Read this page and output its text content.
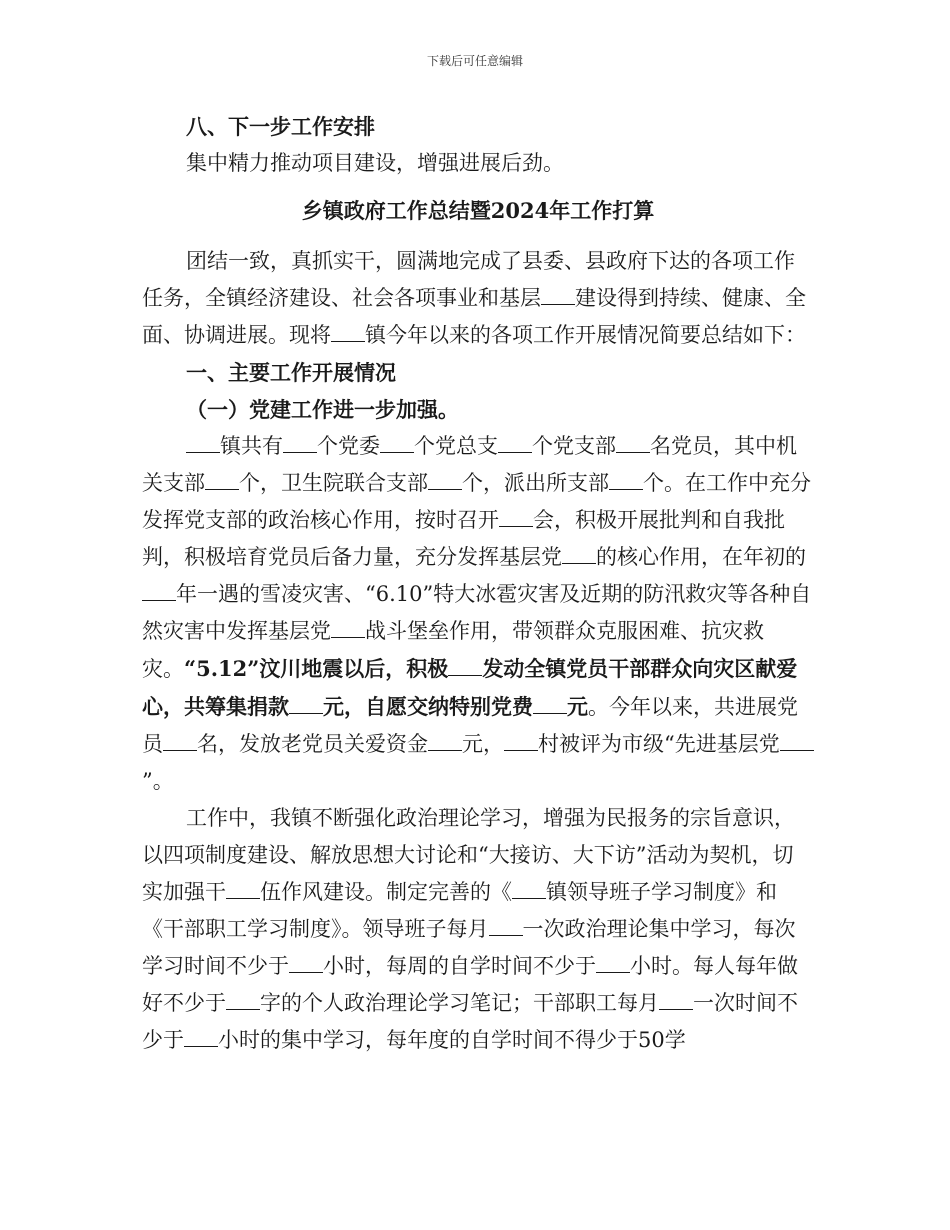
下载后可任意编辑

八、下一步工作安排

集中精力推动项目建设，增强进展后劲。

乡镇政府工作总结暨2024年工作打算

团结一致，真抓实干，圆满地完成了县委、县政府下达的各项工作任务，全镇经济建设、社会各项事业和基层 建设得到持续、健康、全面、协调进展。现将 镇今年以来的各项工作开展情况简要总结如下：

一、主要工作开展情况

（一）党建工作进一步加强。

镇共有 个党委 个党总支 个党支部 名党员，其中机关支部 个，卫生院联合支部 个，派出所支部 个。在工作中充分发挥党支部的政治核心作用，按时召开 会，积极开展批判和自我批判，积极培育党员后备力量，充分发挥基层党 的核心作用，在年初的年一遇的雪凌灾害、“6.10”特大冰雹灾害及近期的防汛救灾等各种自然灾害中发挥基层党 战斗堡垒作用，带领群众克服困难、抗灾救灾。“5.12”汶川地震以后，积极 发动全镇党员干部群众向灾区献爱心，共筹集捐款 元，自愿交纳特别党费 元。今年以来，共进展党员 名，发放老党员关爱资金 元， 村被评为市级“先进基层党”。

工作中，我镇不断强化政治理论学习，增强为民报务的宗旨意识，以四项制度建设、解放思想大讨论和“大接访、大下访”活动为契机，切实加强干 伍作风建设。制定完善的《 镇领导班子学习制度》和《干部职工学习制度》。领导班子每月 一次政治理论集中学习，每次学习时间不少于 小时，每周的自学时间不少于 小时。每人每年做好不少于 字的个人政治理论学习笔记；干部职工每月 一次时间不少于 小时的集中学习，每年度的自学时间不得少于50学
